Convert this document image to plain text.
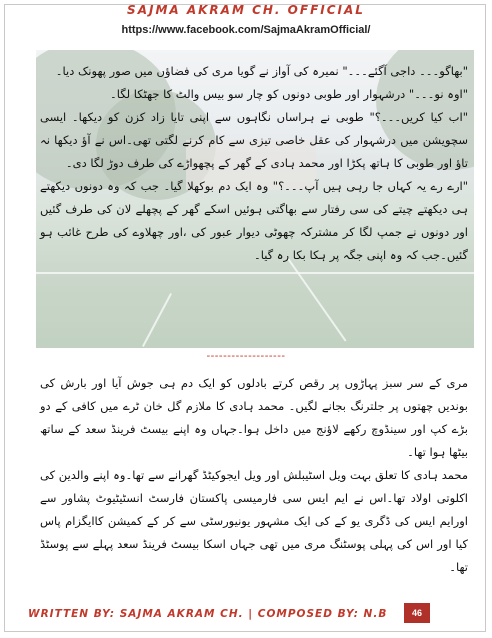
SAJMA AKRAM CH. OFFICIAL
https://www.facebook.com/SajmaAkramOfficial/

"بھاگو۔۔۔ داجی آگئے۔۔۔" نمیرہ کی آواز نے گویا مری کی فضاؤں میں صور پھونک دیا۔

"اوہ نو۔۔۔" درشہوار اور طوبی دونوں کو چار سو بیس والٹ کا جھٹکا لگا۔

"اب کیا کریں۔۔۔؟" طوبی نے ہراساں نگاہوں سے اپنی تایا زاد کزن کو دیکھا۔ ایسی سچویشن میں درشہوار کی عقل خاصی تیزی سے کام کرنے لگتی تھی۔اس نے آؤ دیکھا نہ تاؤ اور طوبی کا ہاتھ پکڑا اور محمد ہادی کے گھر کے پچھواڑے کی طرف دوڑ لگا دی۔

"ارے رے یہ کہاں جا رہی ہیں آپ۔۔۔؟" وہ ایک دم بوکھلا گیا۔ جب کہ وہ دونوں دیکھتے ہی دیکھتے چیتے کی سی رفتار سے بھاگتی ہوئیں اسکے گھر کے پچھلے لان کی طرف گئیں اور دونوں نے جمپ لگا کر مشترکہ چھوٹی دیوار عبور کی ،اور چھلاوے کی طرح غائب ہو گئیں۔جب کہ وہ اپنی جگہ پر ہکا بکا رہ گیا۔

-------------------

مری کے سر سبز پہاڑوں پر رقص کرتے بادلوں کو ایک دم ہی جوش آیا اور بارش کی بوندیں چھتوں پر جلترنگ بجانے لگیں۔ محمد ہادی کا ملازم گل خان ٹرے میں کافی کے دو بڑے کپ اور سینڈوچ رکھے لاؤنج میں داخل ہوا۔جہاں وہ اپنے بیسٹ فرینڈ سعد کے ساتھ بیٹھا ہوا تھا۔

محمد ہادی کا تعلق بہت ویل اسٹیبلش اور ویل ایجوکیٹڈ گھرانے سے تھا۔وہ اپنے والدین کی اکلوتی اولاد تھا۔اس نے ایم ایس سی فارمیسی پاکستان فارسٹ انسٹیٹیوٹ پشاور سے اورایم ایس کی ڈگری یو کے کی ایک مشہور یونیورسٹی سے کر کے کمیشن کاایگزام پاس کیا اور اس کی پہلی پوسٹنگ مری میں تھی جہاں اسکا بیسٹ فرینڈ سعد پہلے سے پوسٹڈ تھا۔

WRITTEN BY: SAJMA AKRAM CH. | COMPOSED BY: N.B	46
